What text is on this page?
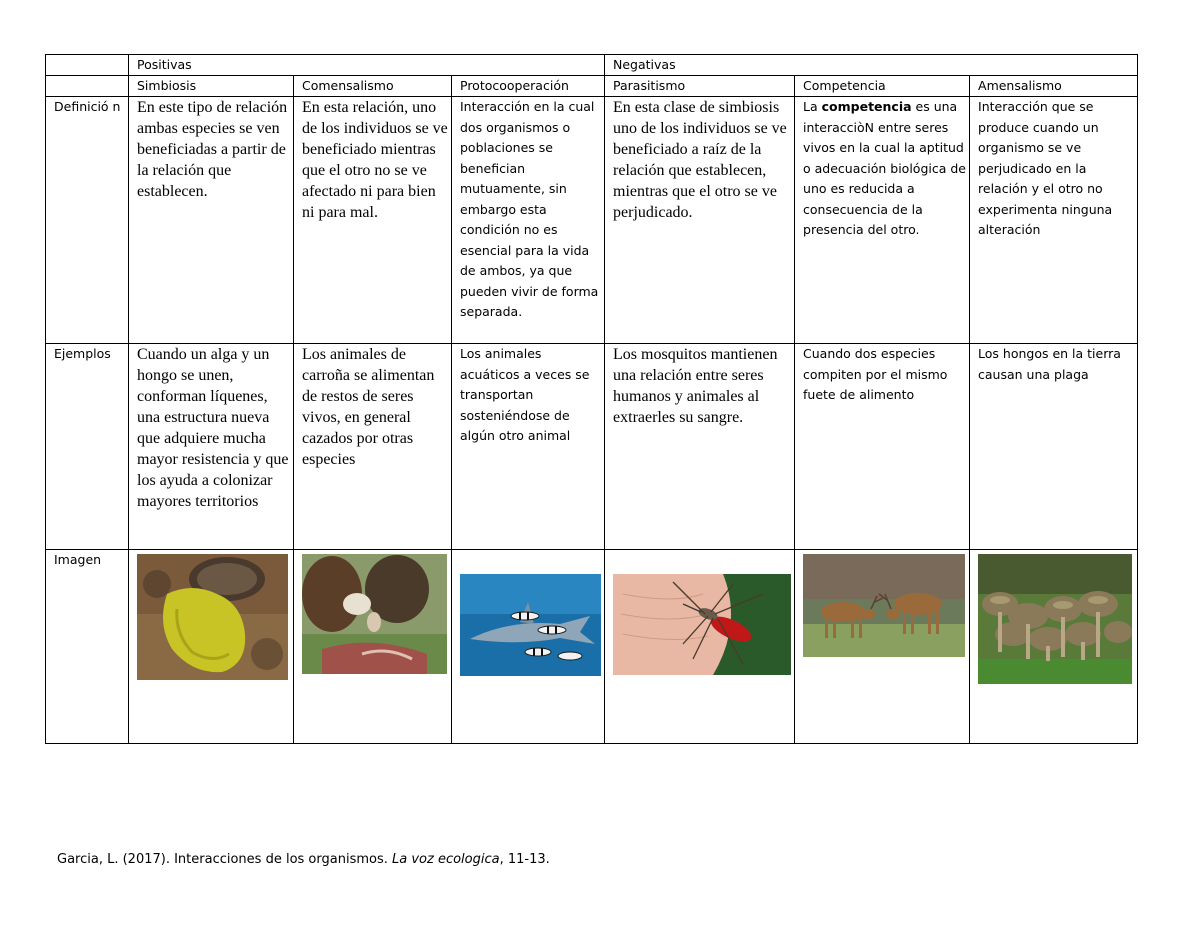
	Positivas			Negativas		
	Simbiosis	Comensalismo	Protocooperación	Parasitismo	Competencia	Amensalismo
Definició n	En este tipo de relación ambas especies se ven beneficiadas a partir de la relación que establecen.	En esta relación, uno de los individuos se ve beneficiado mientras que el otro no se ve afectado ni para bien ni para mal.	Interacción en la cual dos organismos o poblaciones se benefician mutuamente, sin embargo esta condición no es esencial para la vida de ambos, ya que pueden vivir de forma separada.	En esta clase de simbiosis uno de los individuos se ve beneficiado a raíz de la relación que establecen, mientras que el otro se ve perjudicado.	La competencia es una interacciòN entre seres vivos en la cual la aptitud o adecuación biológica de uno es reducida a consecuencia de la presencia del otro.	Interacción que se produce cuando un organismo se ve perjudicado en la relación y el otro no experimenta ninguna alteración
Ejemplos	Cuando un alga y un hongo se unen, conforman líquenes, una estructura nueva que adquiere mucha mayor resistencia y que los ayuda a colonizar mayores territorios	Los animales de carroña se alimentan de restos de seres vivos, en general cazados por otras especies	Los animales acuáticos a veces se transportan sosteniéndose de algún otro animal	Los mosquitos mantienen una relación entre seres humanos y animales al extraerles su sangre.	Cuando dos especies compiten por el mismo fuete de alimento	Los hongos en la tierra causan una plaga
Imagen	

Garcia, L. (2017). Interacciones de los organismos. La voz ecologica, 11-13.
